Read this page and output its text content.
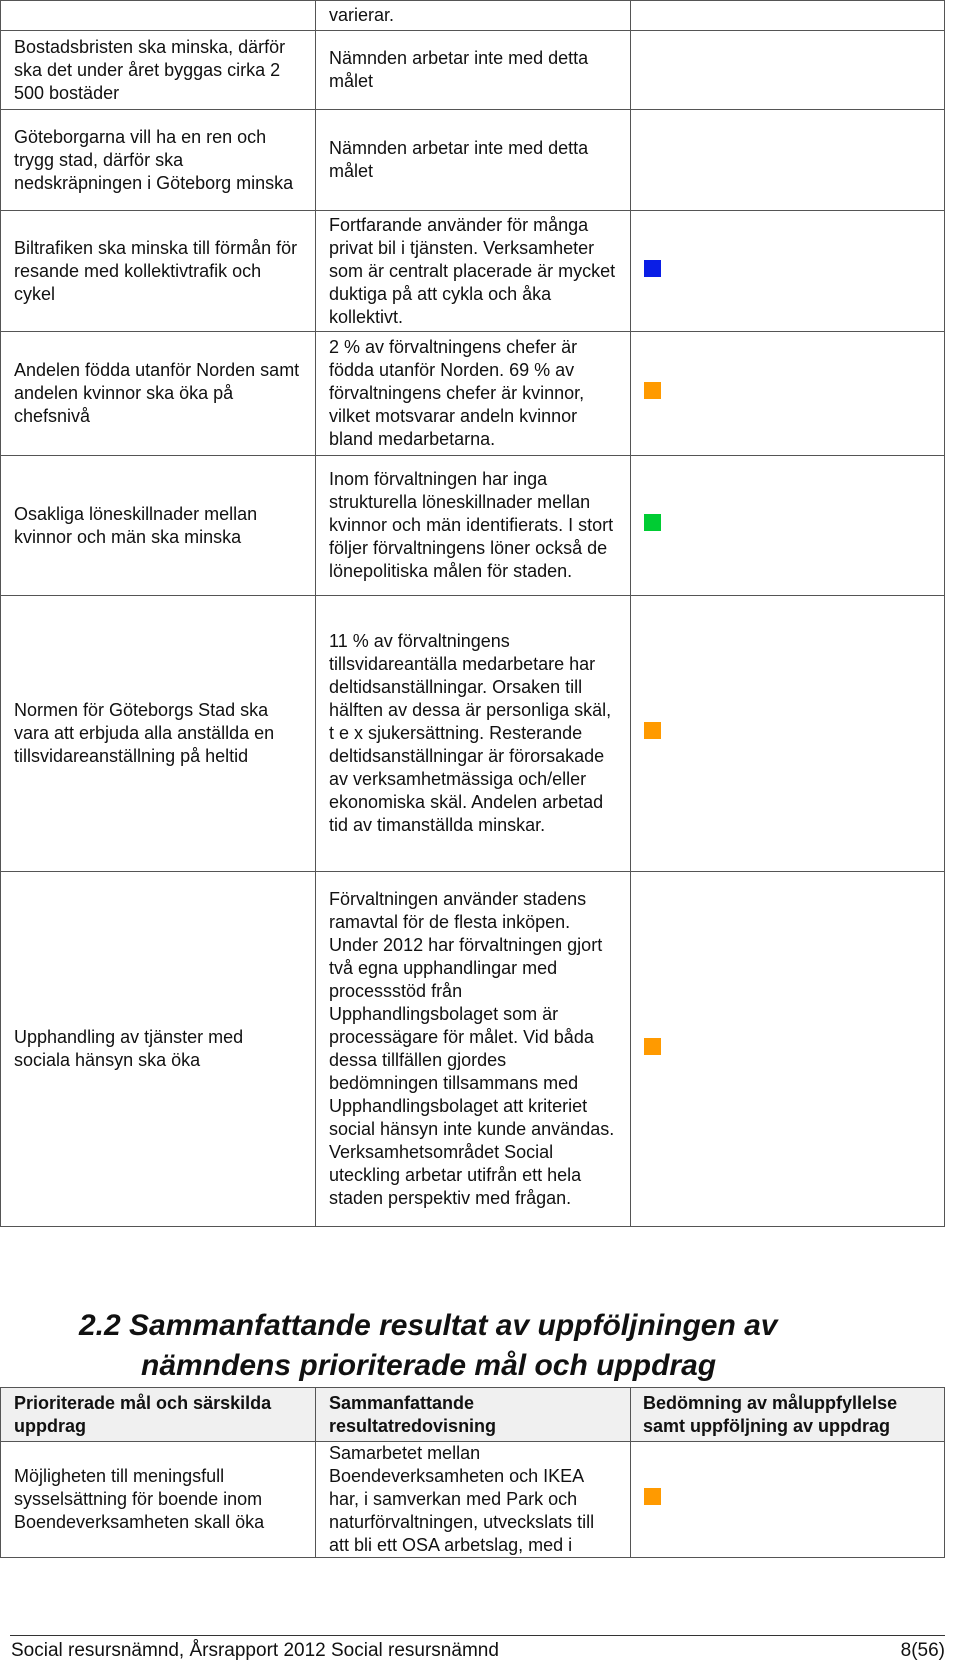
	varierar.	
Bostadsbristen ska minska, därför ska det under året byggas cirka 2 500 bostäder	Nämnden arbetar inte med detta målet	
Göteborgarna vill ha en ren och trygg stad, därför ska nedskräpningen i Göteborg minska	Nämnden arbetar inte med detta målet	
Biltrafiken ska minska till förmån för resande med kollektivtrafik och cykel	Fortfarande använder för många privat bil i tjänsten. Verksamheter som är centralt placerade är mycket duktiga på att cykla och åka kollektivt.	
Andelen födda utanför Norden samt andelen kvinnor ska öka på chefsnivå	2 % av förvaltningens chefer är födda utanför Norden. 69 % av förvaltningens chefer är kvinnor, vilket motsvarar andeln kvinnor bland medarbetarna.	
Osakliga löneskillnader mellan kvinnor och män ska minska	Inom förvaltningen har inga strukturella löneskillnader mellan kvinnor och män identifierats. I stort följer förvaltningens löner också de lönepolitiska målen för staden.	
Normen för Göteborgs Stad ska vara att erbjuda alla anställda en tillsvidareanställning på heltid	11 % av förvaltningens tillsvidareantälla medarbetare har deltidsanställningar. Orsaken till hälften av dessa är personliga skäl, t e x sjukersättning. Resterande deltidsanställningar är förorsakade av verksamhetmässiga och/eller ekonomiska skäl. Andelen arbetad tid av timanställda minskar.	
Upphandling av tjänster med sociala hänsyn ska öka	Förvaltningen använder stadens ramavtal för de flesta inköpen. Under 2012 har förvaltningen gjort två egna upphandlingar med processstöd från Upphandlingsbolaget som är processägare för målet. Vid båda dessa tillfällen gjordes bedömningen tillsammans med Upphandlingsbolaget att kriteriet social hänsyn inte kunde användas. Verksamhetsområdet Social uteckling arbetar utifrån ett hela staden perspektiv med frågan.	
2.2 Sammanfattande resultat av uppföljningen av
nämndens prioriterade mål och uppdrag
Prioriterade mål och särskilda uppdrag	Sammanfattande resultatredovisning	Bedömning av måluppfyllelse samt uppföljning av uppdrag
Möjligheten till meningsfull sysselsättning för boende inom Boendeverksamheten skall öka	Samarbetet mellan Boendeverksamheten och IKEA har, i samverkan med Park och naturförvaltningen, utveckslats till att bli ett OSA arbetslag, med i	
Social resursnämnd, Årsrapport 2012 Social resursnämnd	8(56)
